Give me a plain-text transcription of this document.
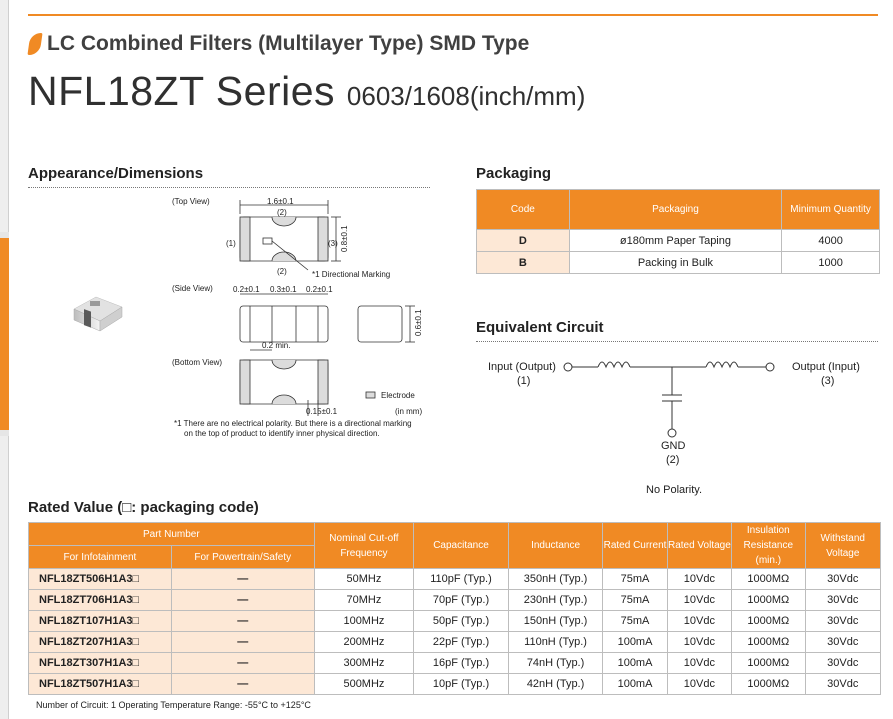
LC Combined Filters (Multilayer Type) SMD Type
NFL18ZT Series 0603/1608(inch/mm)
Appearance/Dimensions
(Top View)	1.6±0.1
(2)
(1)	(3) 0.8±0.1
(2)	*1 Directional Marking
(Side View)	0.2±0.1 0.3±0.1 0.2±0.1
0.6±0.1
0.2 min.
(Bottom View)
Electrode
0.15±0.1	(in mm)
*1 There are no electrical polarity. But there is a directional marking
on the top of product to identify inner physical direction.
Packaging
Code	Packaging	Minimum Quantity
D	ø180mm Paper Taping	4000
B	Packing in Bulk	1000
Equivalent Circuit
Input (Output)
(1)
Output (Input)
(3)
GND
(2)
No Polarity.
Rated Value (□: packaging code)
Part Number		Nominal Cut-off Frequency	Capacitance	Inductance	Rated Current	Rated Voltage	Insulation Resistance (min.)	Withstand Voltage
For Infotainment	For Powertrain/Safety							
NFL18ZT506H1A3□	—	50MHz	110pF (Typ.)	350nH (Typ.)	75mA	10Vdc	1000MΩ	30Vdc
NFL18ZT706H1A3□	—	70MHz	70pF (Typ.)	230nH (Typ.)	75mA	10Vdc	1000MΩ	30Vdc
NFL18ZT107H1A3□	—	100MHz	50pF (Typ.)	150nH (Typ.)	75mA	10Vdc	1000MΩ	30Vdc
NFL18ZT207H1A3□	—	200MHz	22pF (Typ.)	110nH (Typ.)	100mA	10Vdc	1000MΩ	30Vdc
NFL18ZT307H1A3□	—	300MHz	16pF (Typ.)	74nH (Typ.)	100mA	10Vdc	1000MΩ	30Vdc
NFL18ZT507H1A3□	—	500MHz	10pF (Typ.)	42nH (Typ.)	100mA	10Vdc	1000MΩ	30Vdc
Number of Circuit: 1 Operating Temperature Range: -55°C to +125°C
